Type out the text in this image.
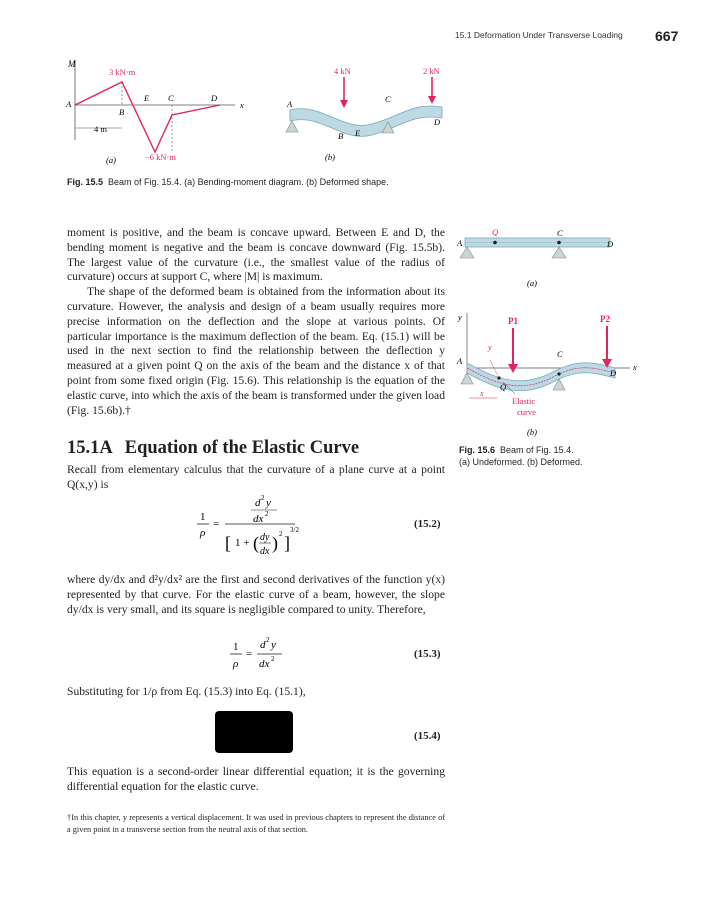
15.1 Deformation Under Transverse Loading 667
M
3 kN·m
−6 kN·m
4 m
A
B
E C	D
x
(a)
4 kN	2 kN
A
B E
C
D
(b)
Fig. 15.5 Beam of Fig. 15.4. (a) Bending-moment diagram. (b) Deformed shape.

moment is positive, and the beam is concave upward. Between E and D, the bending moment is negative and the beam is concave downward (Fig. 15.5b). The largest value of the curvature (i.e., the smallest value of the radius of curvature) occurs at support C, where |M| is maximum.

The shape of the deformed beam is obtained from the information about its curvature. However, the analysis and design of a beam usually requires more precise information on the deflection and the slope at various points. Of particular importance is the maximum deflection of the beam. Eq. (15.1) will be used in the next section to find the relationship between the deflection y measured at a given point Q on the axis of the beam and the distance x of that point from some fixed origin (Fig. 15.6). This relationship is the equation of the elastic curve, into which the axis of the beam is transformed under the given load (Fig. 15.6b).†

15.1A Equation of the Elastic Curve
Recall from elementary calculus that the curvature of a plane curve at a point Q(x,y) is
1
ρ
=
d 2 y
dx 2
[ 1 + ( dy
dx ) 2 ]
3/2	(15.2)
where dy/dx and d²y/dx² are the first and second derivatives of the function y(x) represented by that curve. For the elastic curve of a beam, however, the slope dy/dx is very small, and its square is negligible compared to unity. Therefore,
1
ρ
=
d 2 y
dx 2	(15.3)
Substituting for 1/ρ from Eq. (15.3) into Eq. (15.1),
(15.4)
This equation is a second-order linear differential equation; it is the governing differential equation for the elastic curve.
†In this chapter, y represents a vertical displacement. It was used in previous chapters to represent the distance of a given point in a transverse section from the neutral axis of that section.
Q	C
A	D
(a)
y
x
P1	P2
y
C
A
D
Q
x
Elastic
curve
(b)
Fig. 15.6 Beam of Fig. 15.4.
(a) Undeformed. (b) Deformed.
